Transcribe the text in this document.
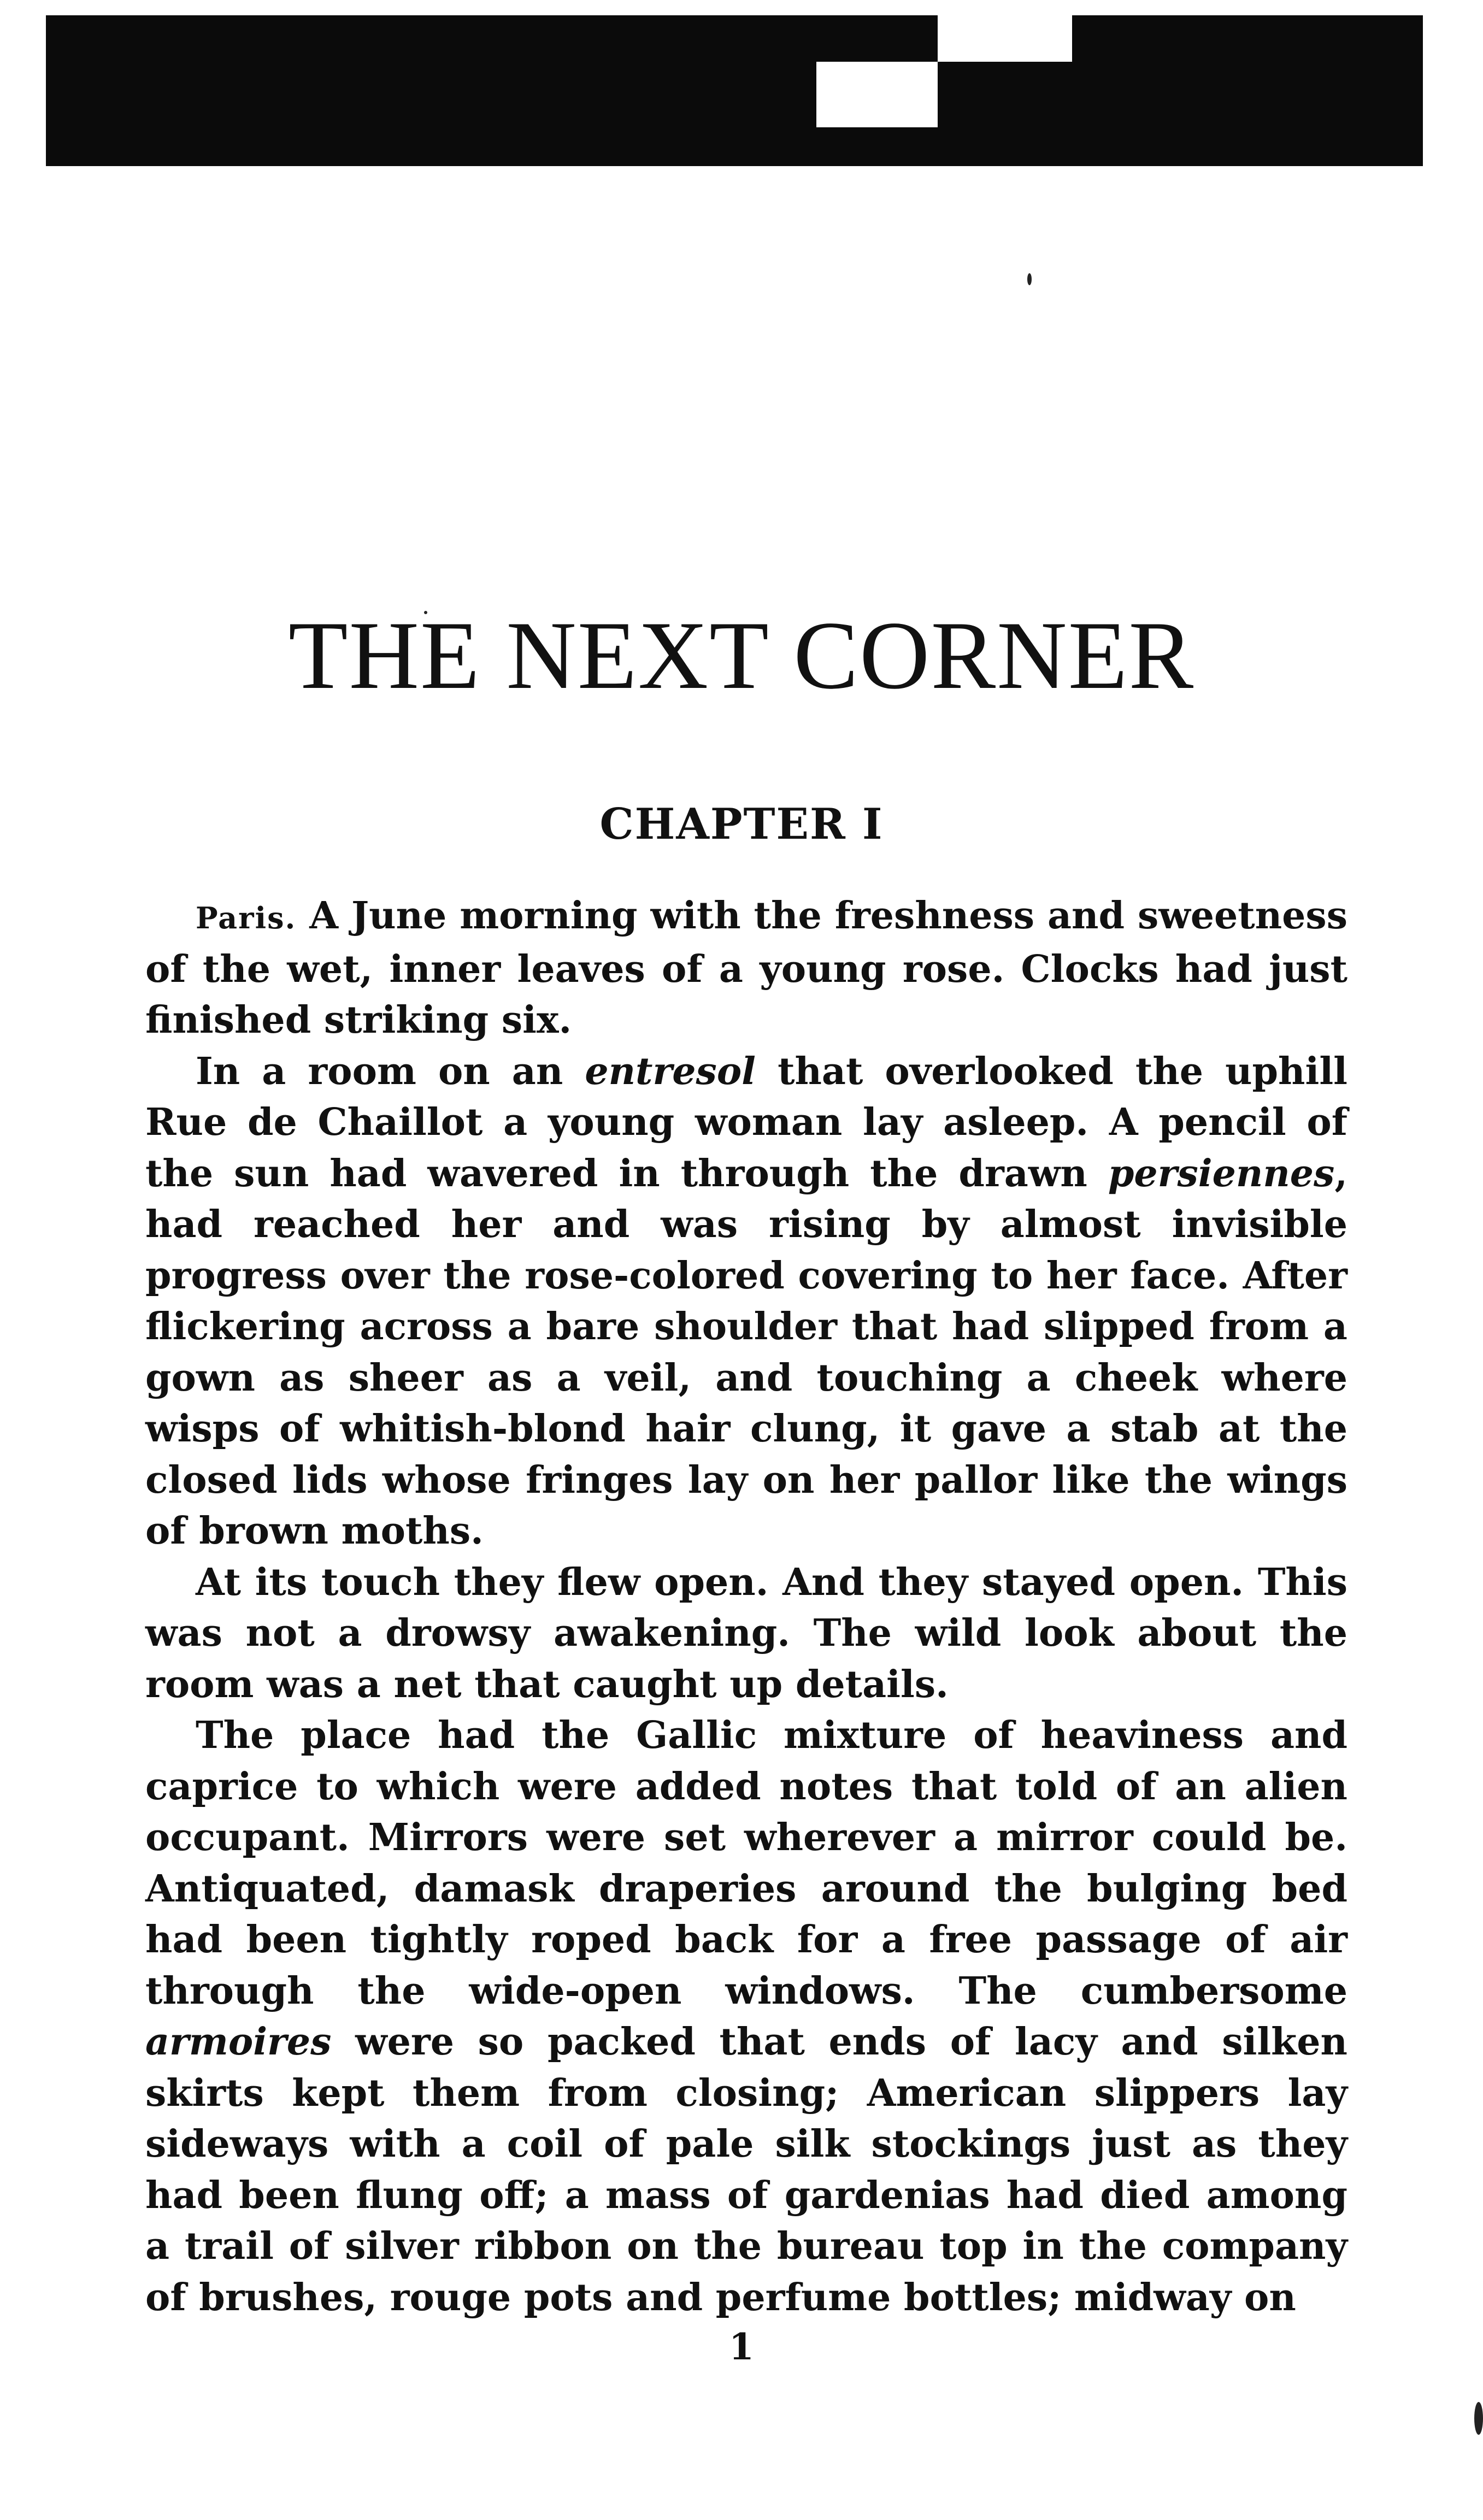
THE NEXT CORNER
CHAPTER I

Paris. A June morning with the freshness and sweetness of the wet, inner leaves of a young rose. Clocks had just finished striking six.

In a room on an entresol that overlooked the uphill Rue de Chaillot a young woman lay asleep. A pencil of the sun had wavered in through the drawn persiennes, had reached her and was rising by almost invisible progress over the rose-colored covering to her face. After flickering across a bare shoulder that had slipped from a gown as sheer as a veil, and touching a cheek where wisps of whitish-blond hair clung, it gave a stab at the closed lids whose fringes lay on her pallor like the wings of brown moths.

At its touch they flew open. And they stayed open. This was not a drowsy awakening. The wild look about the room was a net that caught up details.

The place had the Gallic mixture of heaviness and caprice to which were added notes that told of an alien occupant. Mirrors were set wherever a mirror could be. Antiquated, damask draperies around the bulging bed had been tightly roped back for a free passage of air through the wide-open windows. The cumbersome armoires were so packed that ends of lacy and silken skirts kept them from closing; American slippers lay sideways with a coil of pale silk stockings just as they had been flung off; a mass of gardenias had died among a trail of silver ribbon on the bureau top in the company of brushes, rouge pots and perfume bottles; midway on

1
